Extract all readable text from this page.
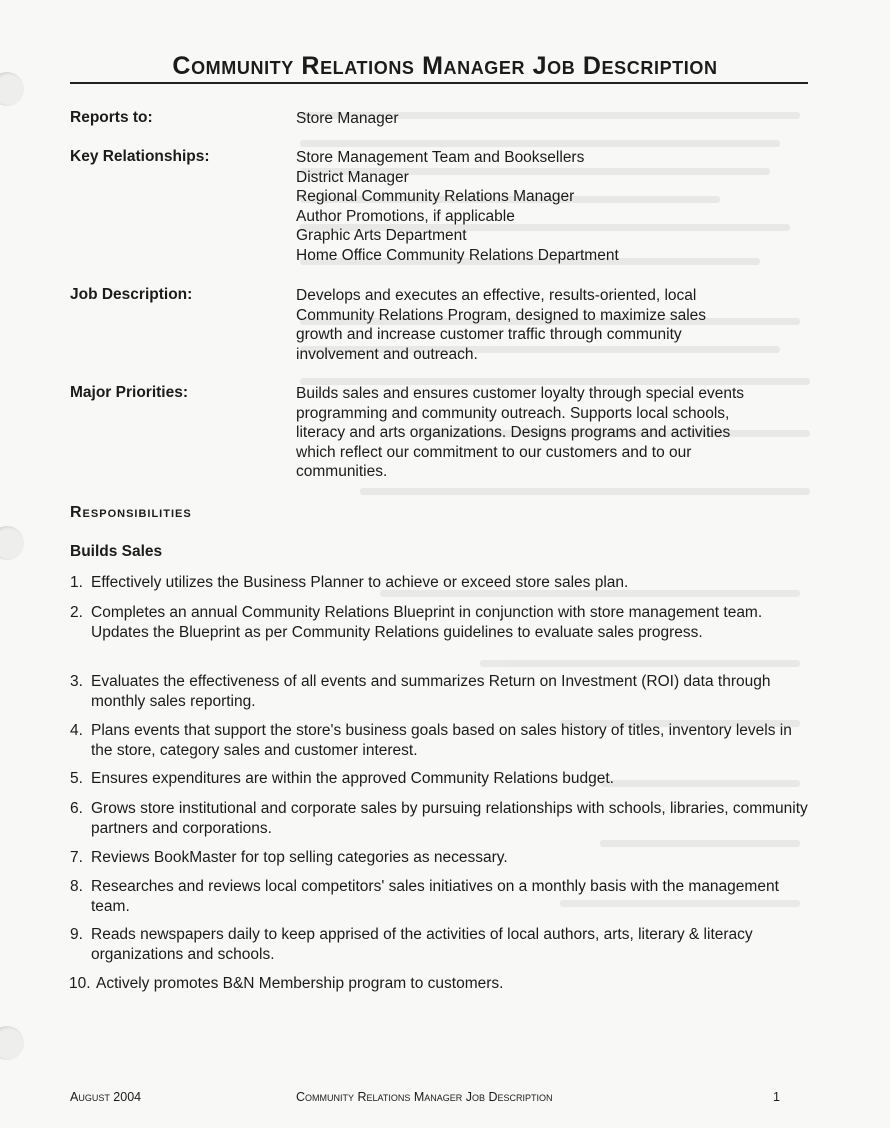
Community Relations Manager Job Description
Reports to:	Store Manager
Key Relationships:	Store Management Team and Booksellers
District Manager
Regional Community Relations Manager
Author Promotions, if applicable
Graphic Arts Department
Home Office Community Relations Department
Job Description:	Develops and executes an effective, results-oriented, local
Community Relations Program, designed to maximize sales
growth and increase customer traffic through community
involvement and outreach.
Major Priorities:	Builds sales and ensures customer loyalty through special events
programming and community outreach. Supports local schools,
literacy and arts organizations. Designs programs and activities
which reflect our commitment to our customers and to our
communities.
Responsibilities
Builds Sales
1. Effectively utilizes the Business Planner to achieve or exceed store sales plan.
2. Completes an annual Community Relations Blueprint in conjunction with store management team. Updates the Blueprint as per Community Relations guidelines to evaluate sales progress.
3. Evaluates the effectiveness of all events and summarizes Return on Investment (ROI) data through monthly sales reporting.
4. Plans events that support the store's business goals based on sales history of titles, inventory levels in the store, category sales and customer interest.
5. Ensures expenditures are within the approved Community Relations budget.
6. Grows store institutional and corporate sales by pursuing relationships with schools, libraries, community partners and corporations.
7. Reviews BookMaster for top selling categories as necessary.
8. Researches and reviews local competitors' sales initiatives on a monthly basis with the management team.
9. Reads newspapers daily to keep apprised of the activities of local authors, arts, literary & literacy organizations and schools.
10. Actively promotes B&N Membership program to customers.
August 2004	Community Relations Manager Job Description	1
